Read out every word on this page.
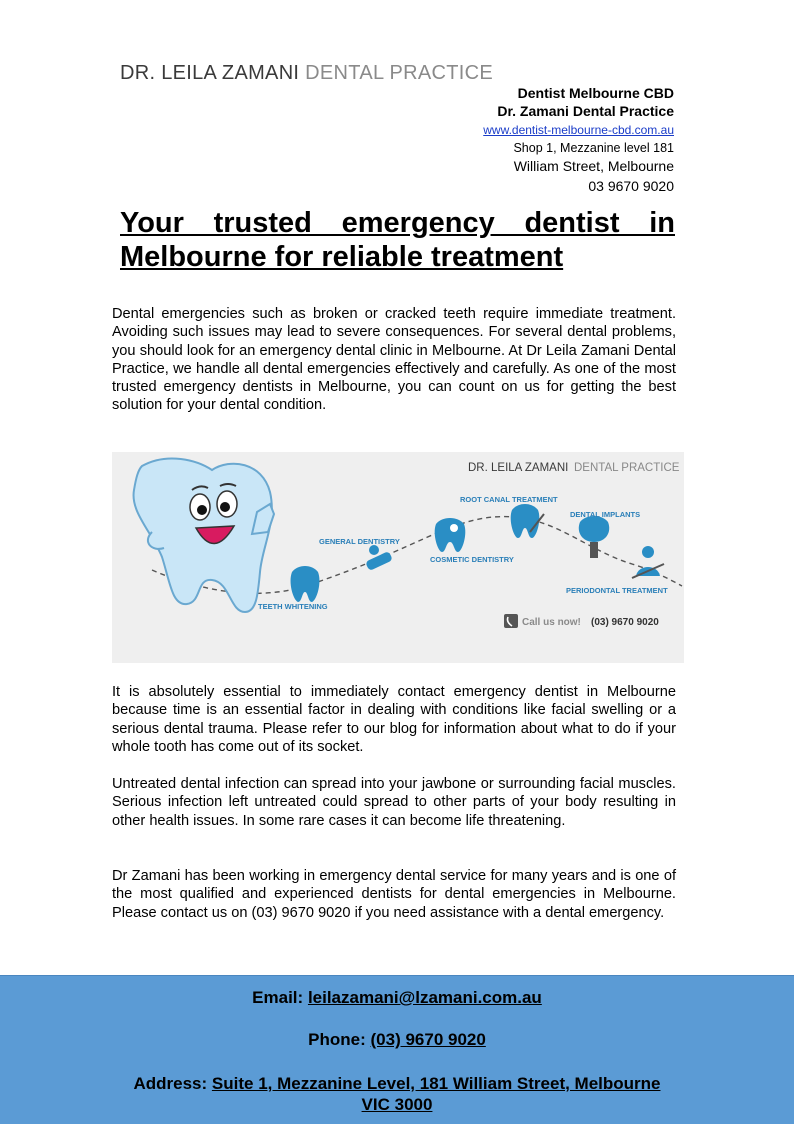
DR. LEILA ZAMANI DENTAL PRACTICE
Dentist Melbourne CBD
Dr. Zamani Dental Practice
www.dentist-melbourne-cbd.com.au
Shop 1, Mezzanine level 181
William Street, Melbourne
03 9670 9020
Your trusted emergency dentist in Melbourne for reliable treatment

Dental emergencies such as broken or cracked teeth require immediate treatment. Avoiding such issues may lead to severe consequences. For several dental problems, you should look for an emergency dental clinic in Melbourne. At Dr Leila Zamani Dental Practice, we handle all dental emergencies effectively and carefully. As one of the most trusted emergency dentists in Melbourne, you can count on us for getting the best solution for your dental condition.

DR. LEILA ZAMANI DENTAL PRACTICE
TEETH WHITENING
GENERAL DENTISTRY
COSMETIC DENTISTRY
ROOT CANAL TREATMENT
DENTAL IMPLANTS
PERIODONTAL TREATMENT
Call us now! (03) 9670 9020

It is absolutely essential to immediately contact emergency dentist in Melbourne because time is an essential factor in dealing with conditions like facial swelling or a serious dental trauma. Please refer to our blog for information about what to do if your whole tooth has come out of its socket.

Untreated dental infection can spread into your jawbone or surrounding facial muscles. Serious infection left untreated could spread to other parts of your body resulting in other health issues. In some rare cases it can become life threatening.

Dr Zamani has been working in emergency dental service for many years and is one of the most qualified and experienced dentists for dental emergencies in Melbourne. Please contact us on (03) 9670 9020 if you need assistance with a dental emergency.

Email: leilazamani@lzamani.com.au
Phone: (03) 9670 9020
Address: Suite 1, Mezzanine Level, 181 William Street, Melbourne
VIC 3000
